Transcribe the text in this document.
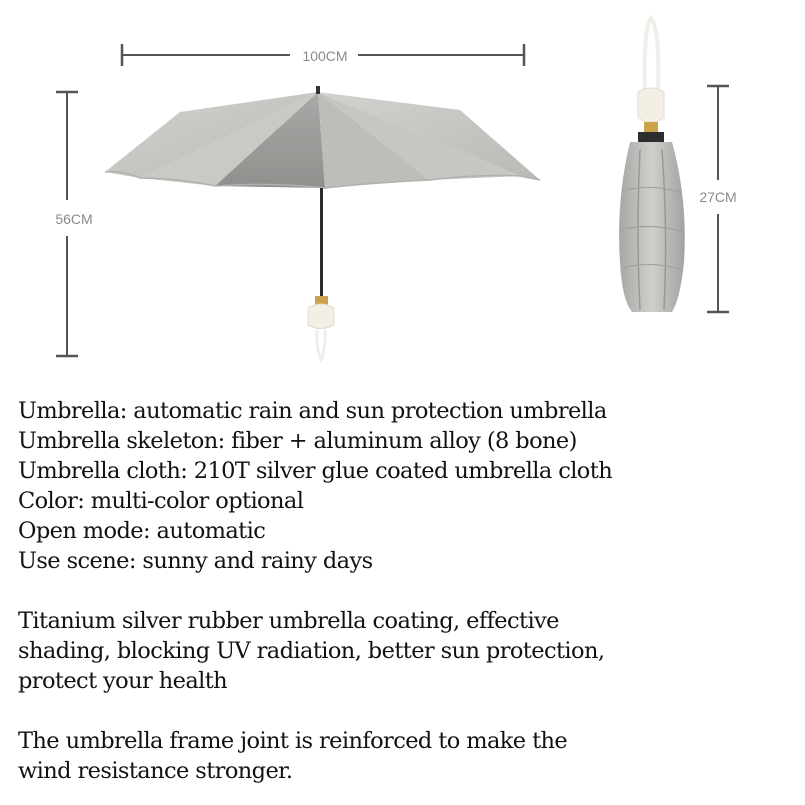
100CM
56CM
27CM

Umbrella: automatic rain and sun protection umbrella

Umbrella skeleton: fiber + aluminum alloy (8 bone)

Umbrella cloth: 210T silver glue coated umbrella cloth

Color: multi-color optional

Open mode: automatic

Use scene: sunny and rainy days

Titanium silver rubber umbrella coating, effective

shading, blocking UV radiation, better sun protection,

protect your health

The umbrella frame joint is reinforced to make the

wind resistance stronger.
